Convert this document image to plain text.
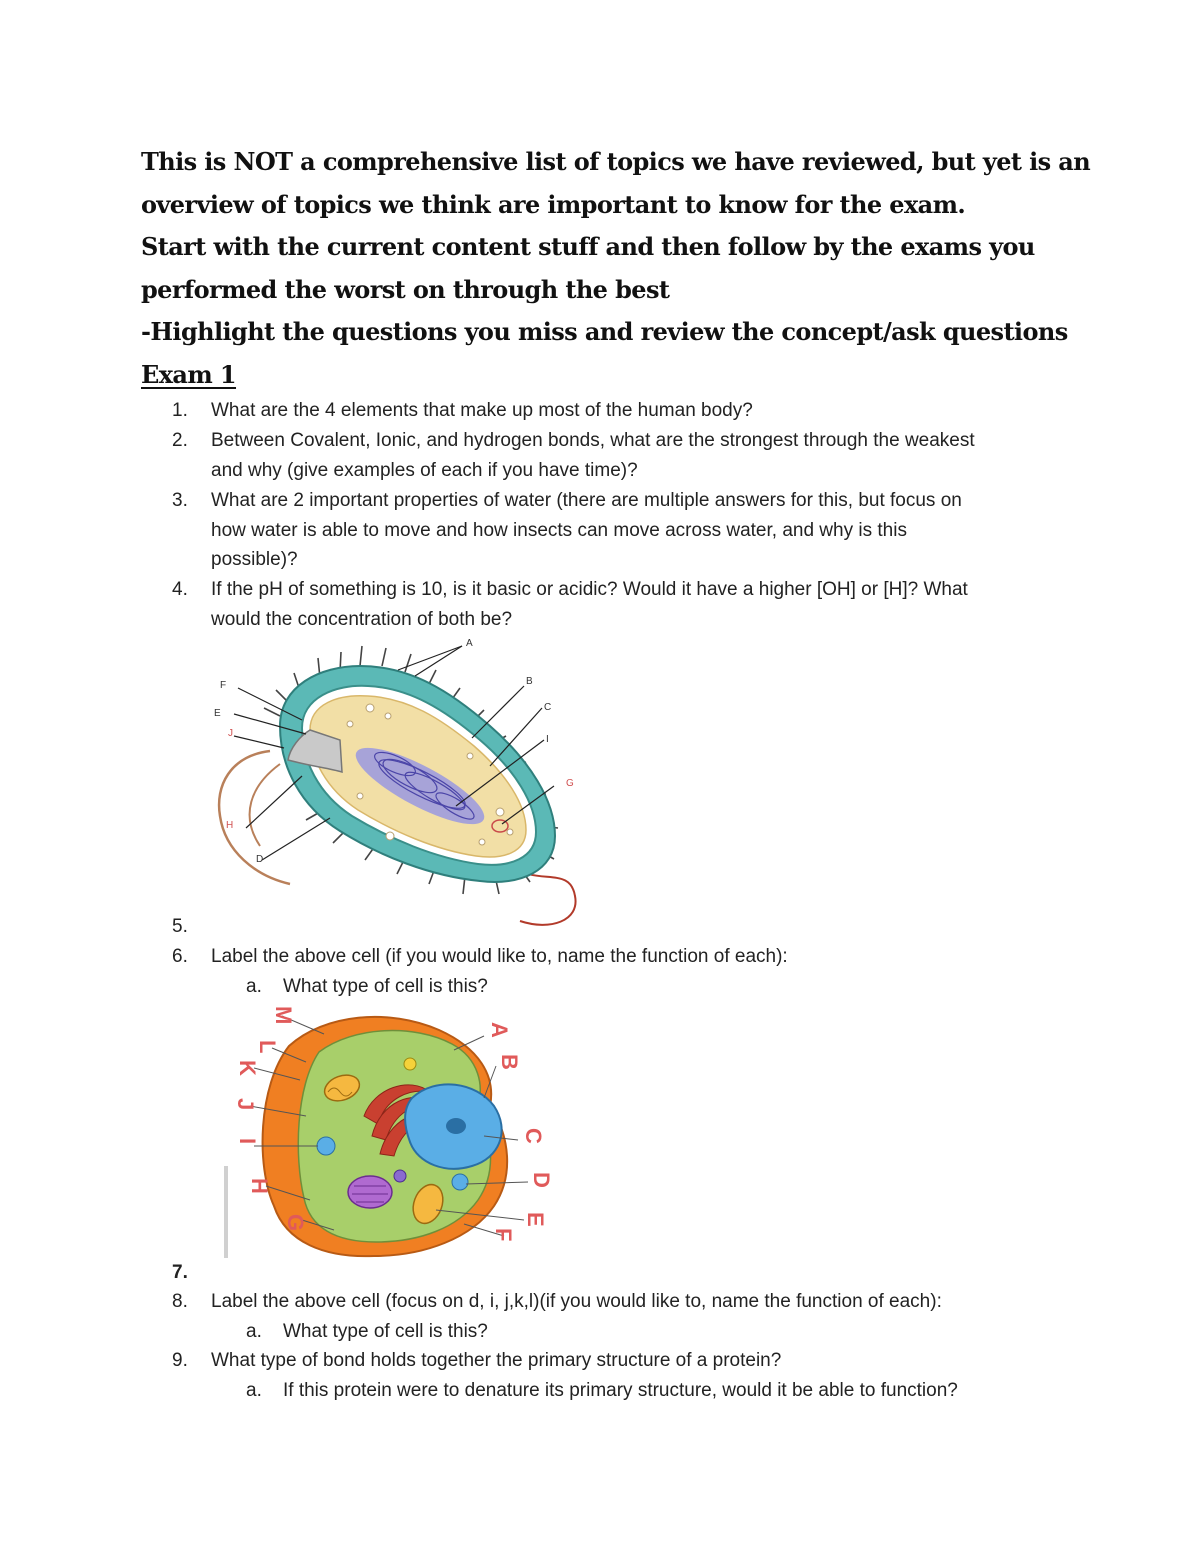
This is NOT a comprehensive list of topics we have reviewed, but yet is an
overview of topics we think are important to know for the exam.
Start with the current content stuff and then follow by the exams you
performed the worst on through the best
-Highlight the questions you miss and review the concept/ask questions
Exam 1
1.	What are the 4 elements that make up most of the human body?
2.	Between Covalent, Ionic, and hydrogen bonds, what are the strongest through the weakest
and why (give examples of each if you have time)?
3.	What are 2 important properties of water (there are multiple answers for this, but focus on
how water is able to move and how insects can move across water, and why is this
possible)?
4.	If the pH of something is 10, is it basic or acidic? Would it have a higher [OH] or [H]? What
would the concentration of both be?
A
B
C
I
G
F
E
J
H
D
5.
6.	Label the above cell (if you would like to, name the function of each):
a. What type of cell is this?
M
L
K
J
I
H
G
A
B
C
D
E
F
7.
8.	Label the above cell (focus on d, i, j,k,l)(if you would like to, name the function of each):
a. What type of cell is this?
9.	What type of bond holds together the primary structure of a protein?
a. If this protein were to denature its primary structure, would it be able to function?
